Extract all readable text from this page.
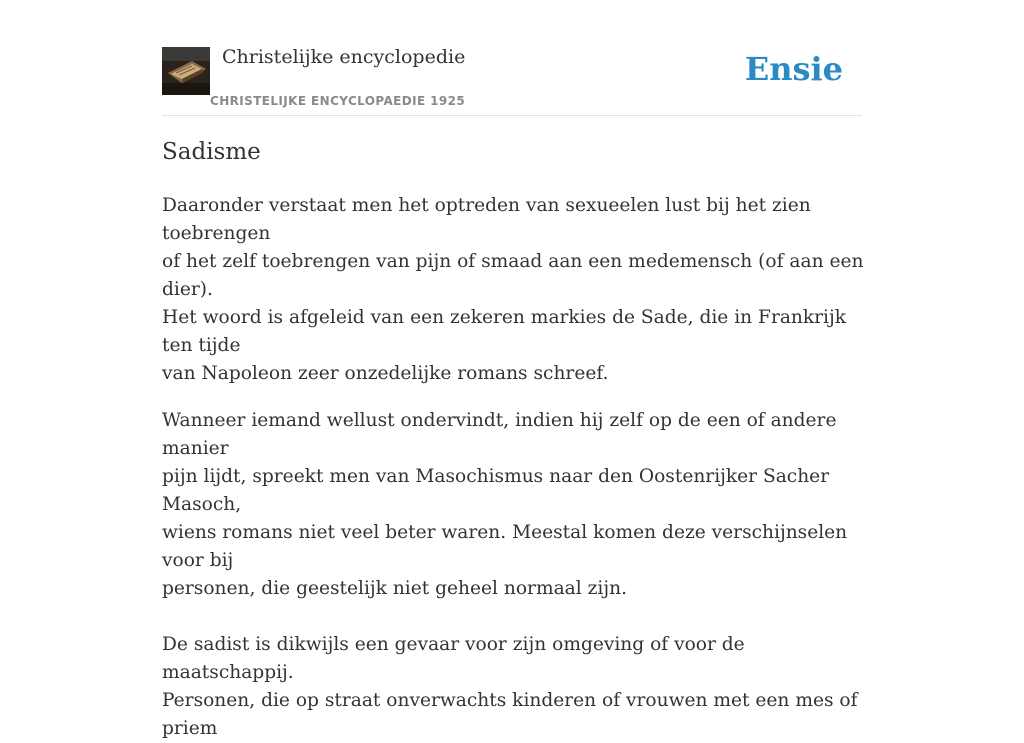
Christelijke encyclopedie
CHRISTELIJKE ENCYCLOPAEDIE 1925
Ensie
Sadisme

Daaronder verstaat men het optreden van sexueelen lust bij het zien toebrengen
of het zelf toebrengen van pijn of smaad aan een medemensch (of aan een dier).
Het woord is afgeleid van een zekeren markies de Sade, die in Frankrijk ten tijde
van Napoleon zeer onzedelijke romans schreef.

Wanneer iemand wellust ondervindt, indien hij zelf op de een of andere manier
pijn lijdt, spreekt men van Masochismus naar den Oostenrijker Sacher Masoch,
wiens romans niet veel beter waren. Meestal komen deze verschijnselen voor bij
personen, die geestelijk niet geheel normaal zijn.

De sadist is dikwijls een gevaar voor zijn omgeving of voor de maatschappij.
Personen, die op straat onverwachts kinderen of vrouwen met een mes of priem
